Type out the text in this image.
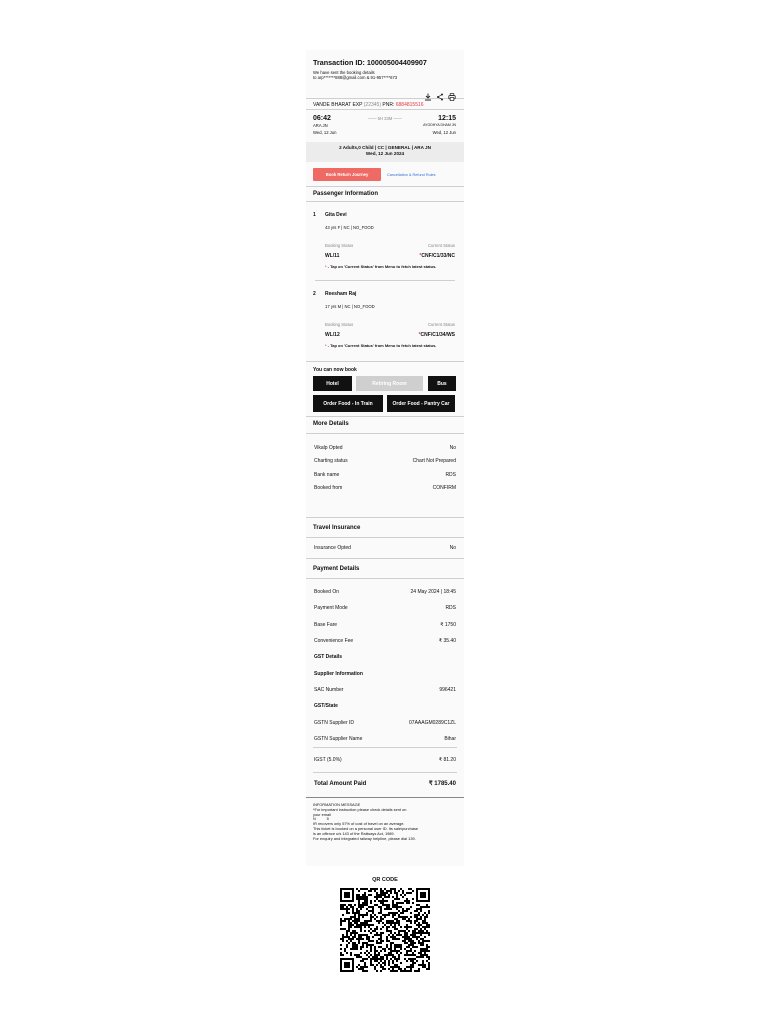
Transaction ID: 100005004409907
We have sent the booking details
to arp*******888@gmail.com & 91-957****673
VANDE BHARAT EXP (22345) PNR: 6884815516
06:42	—— 5H 33M ——	12:15
ARA JN	AYODHYA DHAM JN
Wed, 12 Jun	Wed, 12 Jun
2 Adults,0 Child | CC | GENERAL | ARA JN
Wed, 12 Jun 2024
Book Return Journey	Cancellation & Refund Rules
Passenger Information
1 Gita Devi
43 yrs F | NC | NO_FOOD
Booking Status	Current Status
WL/11	*CNF/C1/33/NC
* - Tap on 'Current Status' from Menu to fetch latest status.
2 Reesham Raj
17 yrs M | NC | NO_FOOD
Booking Status	Current Status
WL/12	*CNF/C1/34/WS
* - Tap on 'Current Status' from Menu to fetch latest status.
You can now book
Hotel	Retiring Room	Bus
Order Food - In Train	Order Food - Pantry Car
More Details
Vikalp Opted	No
Charting status	Chart Not Prepared
Bank name	RDS
Booked from	CONFIRM
Travel Insurance
Insurance Opted	No
Payment Details
Booked On	24 May 2024 | 18:45
Payment Mode	RDS
Base Fare	₹ 1750
Convenience Fee	₹ 35.40
GST Details
Supplier Information
SAC Number	996421
GST/State
GSTN Supplier ID	07AAAGM0289C1ZL
GSTN Supplier Name	Bihar
IGST (5.0%)	₹ 81.20
Total Amount Paid	₹ 1785.40
INFORMATION MESSAGE
*For important instruction please check details sent on
your email
N          5
IR recovers only 57% of cost of travel on an average.
This ticket is booked on a personal user ID. Its sale/purchase
is an offence u/s 143 of the Railways Act, 1989.
For enquiry and integrated railway helpline, please dial 139.
QR CODE
